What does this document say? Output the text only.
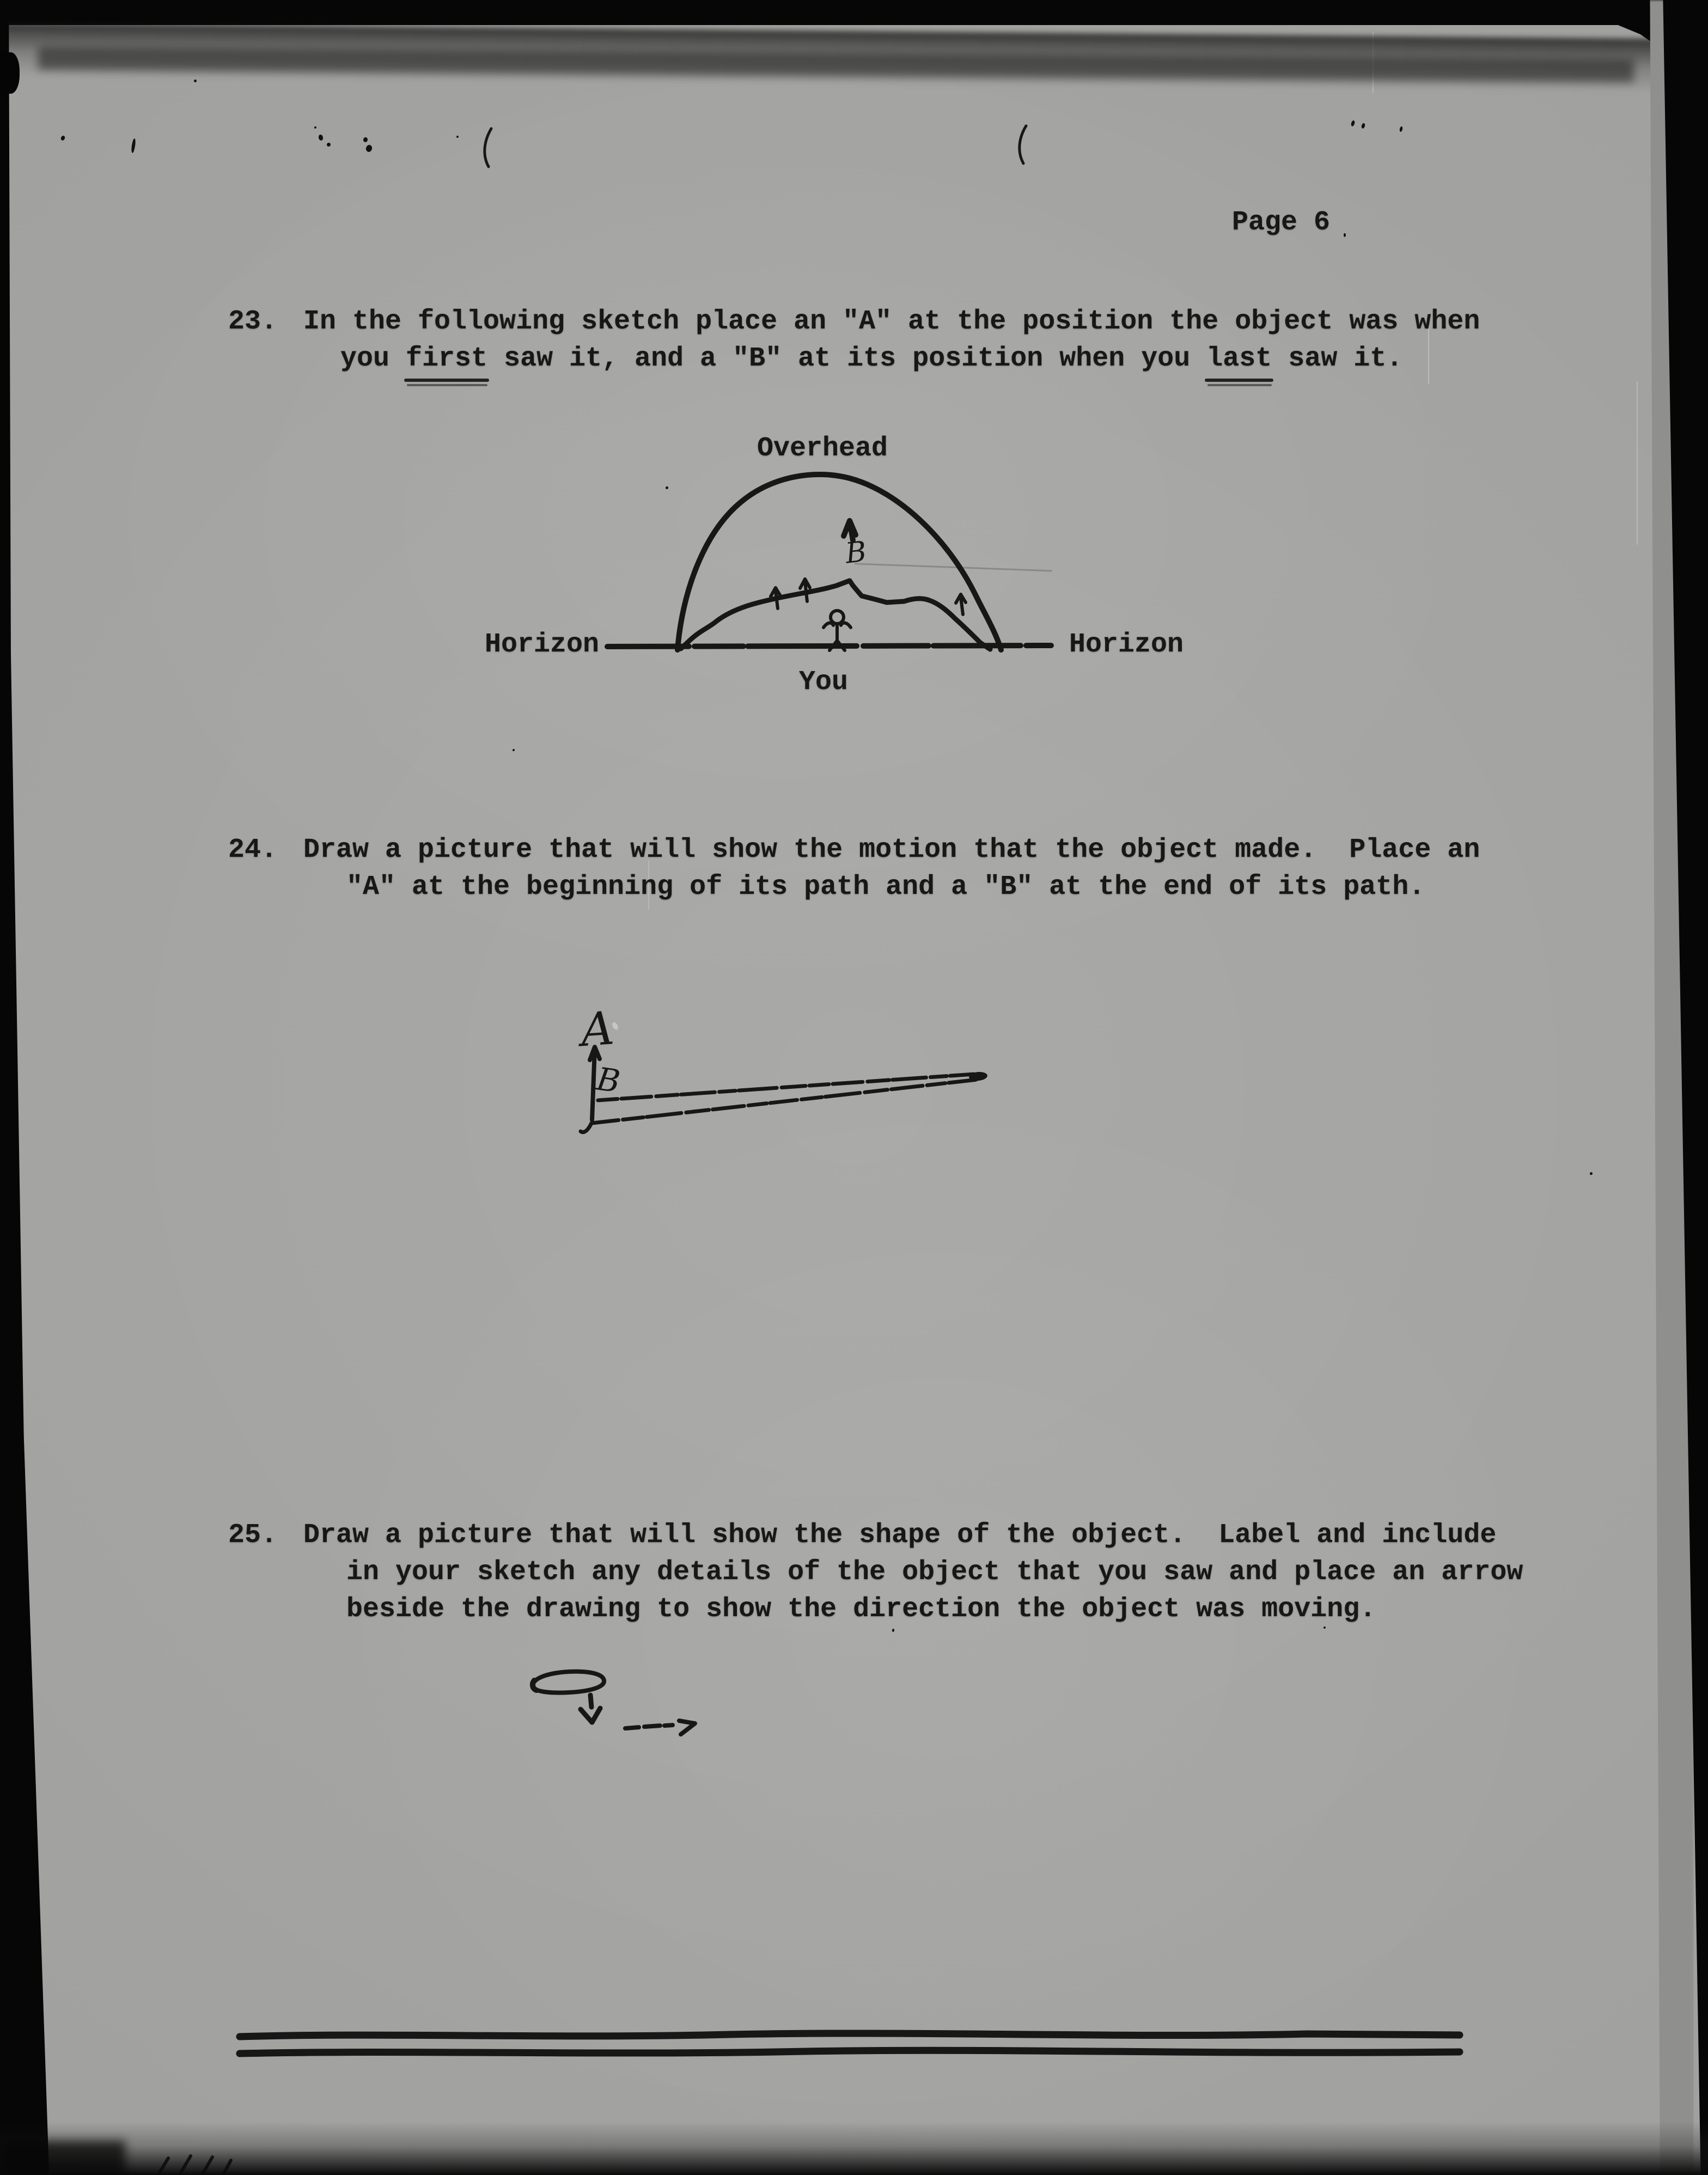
Page 6
23. In the following sketch place an "A" at the position the object was when
you first saw it, and a "B" at its position when you last saw it.
Overhead
Horizon	Horizon
You
24. Draw a picture that will show the motion that the object made.  Place an
"A" at the beginning of its path and a "B" at the end of its path.
25. Draw a picture that will show the shape of the object.  Label and include
in your sketch any details of the object that you saw and place an arrow
beside the drawing to show the direction the object was moving.
B
A
B
